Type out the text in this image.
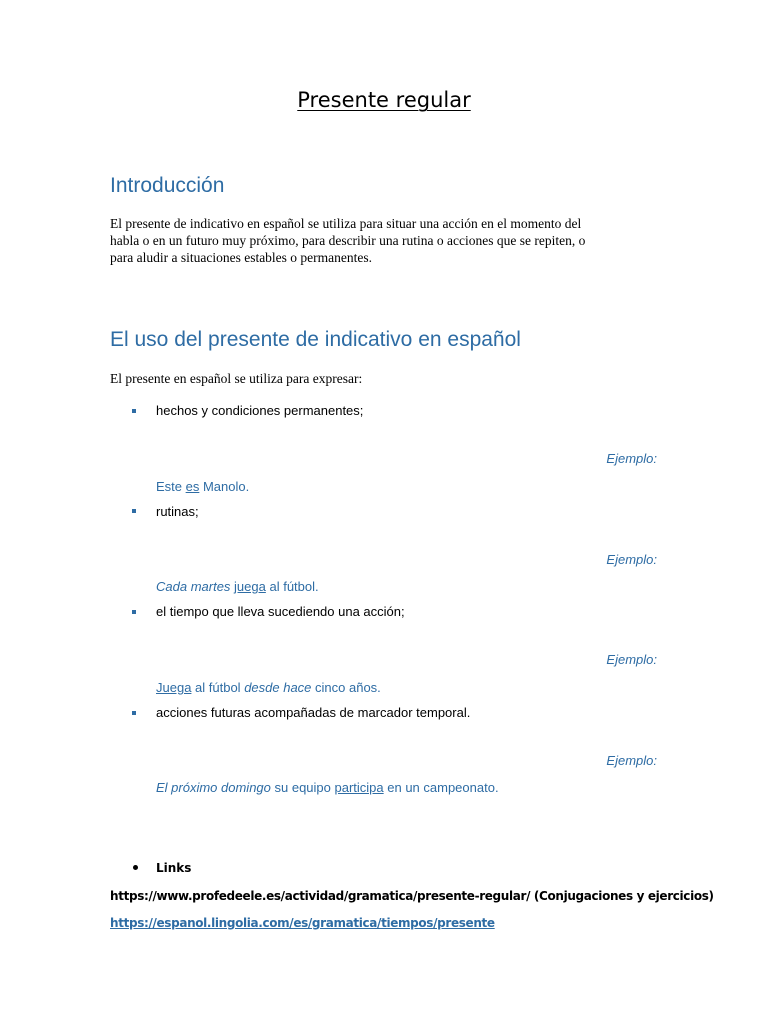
Presente regular
Introducción
El presente de indicativo en español se utiliza para situar una acción en el momento del
habla o en un futuro muy próximo, para describir una rutina o acciones que se repiten, o
para aludir a situaciones estables o permanentes.
El uso del presente de indicativo en español
El presente en español se utiliza para expresar:
hechos y condiciones permanentes;
Ejemplo:
Este es Manolo.
rutinas;
Ejemplo:
Cada martes juega al fútbol.
el tiempo que lleva sucediendo una acción;
Ejemplo:
Juega al fútbol desde hace cinco años.
acciones futuras acompañadas de marcador temporal.
Ejemplo:
El próximo domingo su equipo participa en un campeonato.
Links
https://www.profedeele.es/actividad/gramatica/presente-regular/ (Conjugaciones y ejercicios)
https://espanol.lingolia.com/es/gramatica/tiempos/presente
